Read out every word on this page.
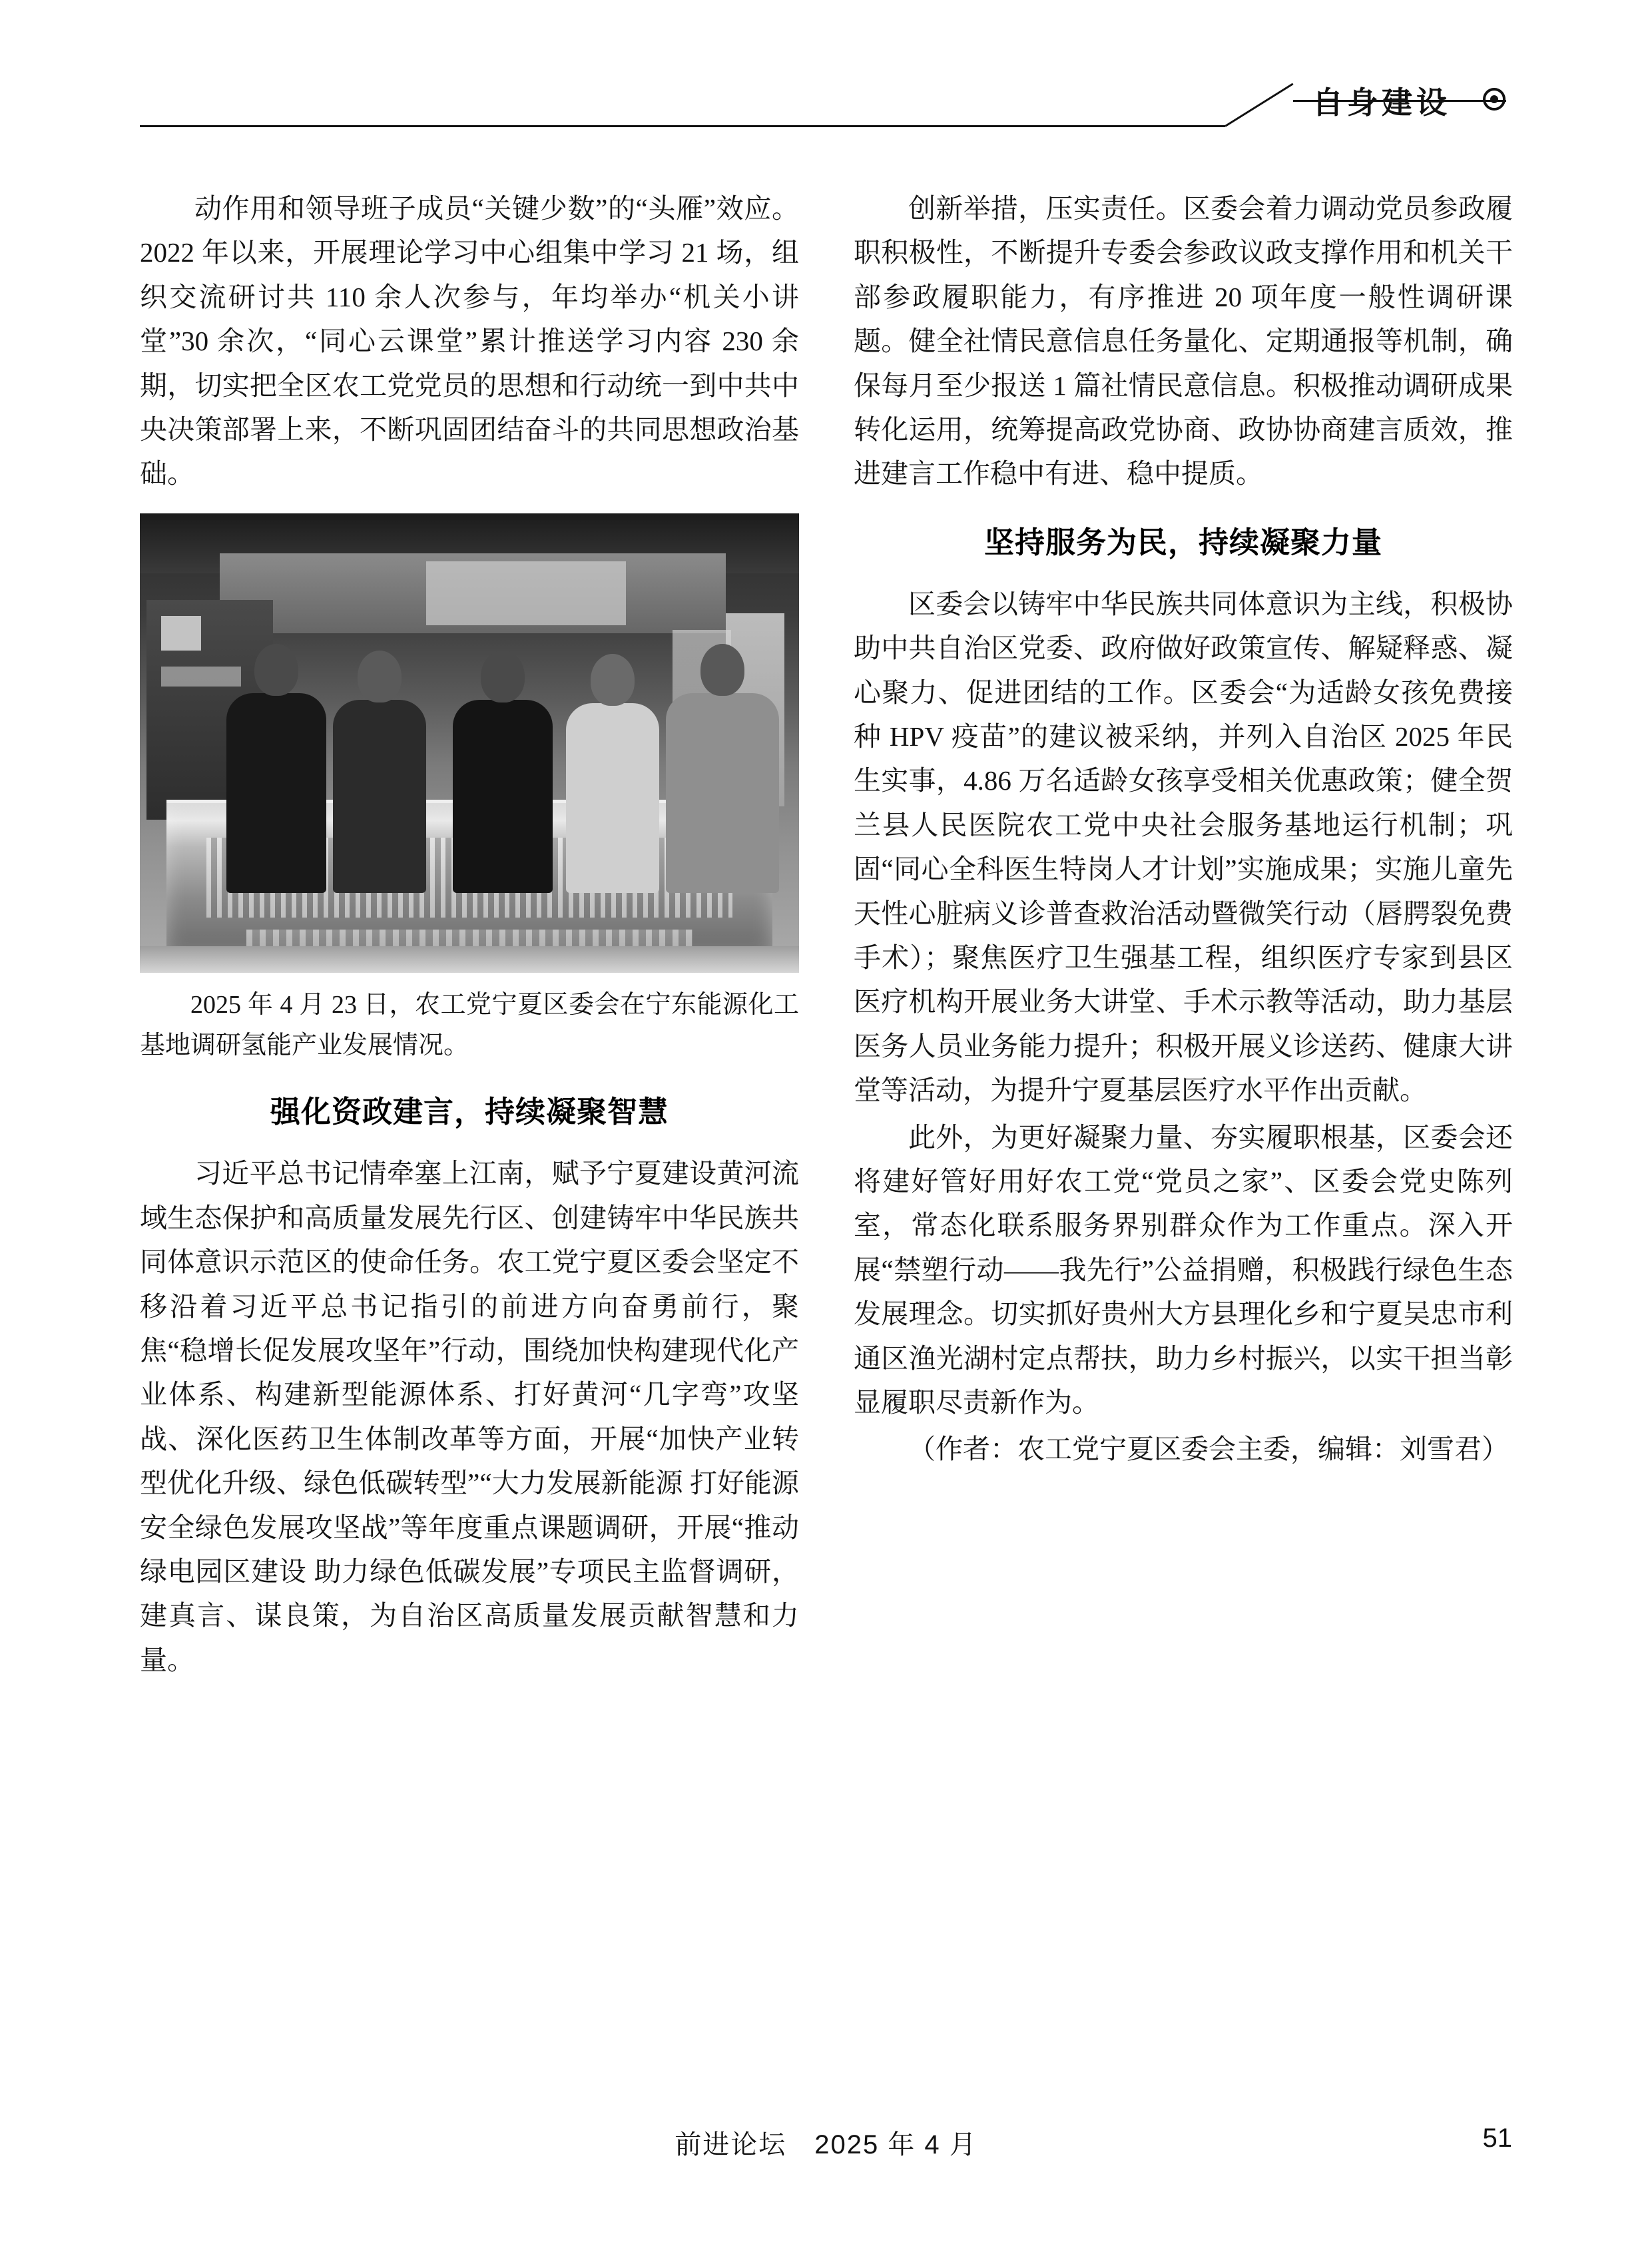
自身建设

动作用和领导班子成员“关键少数”的“头雁”效应。2022 年以来，开展理论学习中心组集中学习 21 场，组织交流研讨共 110 余人次参与，年均举办“机关小讲堂”30 余次，“同心云课堂”累计推送学习内容 230 余期，切实把全区农工党党员的思想和行动统一到中共中央决策部署上来，不断巩固团结奋斗的共同思想政治基础。

2025 年 4 月 23 日，农工党宁夏区委会在宁东能源化工基地调研氢能产业发展情况。
强化资政建言，持续凝聚智慧

习近平总书记情牵塞上江南，赋予宁夏建设黄河流域生态保护和高质量发展先行区、创建铸牢中华民族共同体意识示范区的使命任务。农工党宁夏区委会坚定不移沿着习近平总书记指引的前进方向奋勇前行，聚焦“稳增长促发展攻坚年”行动，围绕加快构建现代化产业体系、构建新型能源体系、打好黄河“几字弯”攻坚战、深化医药卫生体制改革等方面，开展“加快产业转型优化升级、绿色低碳转型”“大力发展新能源 打好能源安全绿色发展攻坚战”等年度重点课题调研，开展“推动绿电园区建设 助力绿色低碳发展”专项民主监督调研，建真言、谋良策，为自治区高质量发展贡献智慧和力量。

创新举措，压实责任。区委会着力调动党员参政履职积极性，不断提升专委会参政议政支撑作用和机关干部参政履职能力，有序推进 20 项年度一般性调研课题。健全社情民意信息任务量化、定期通报等机制，确保每月至少报送 1 篇社情民意信息。积极推动调研成果转化运用，统筹提高政党协商、政协协商建言质效，推进建言工作稳中有进、稳中提质。

坚持服务为民，持续凝聚力量

区委会以铸牢中华民族共同体意识为主线，积极协助中共自治区党委、政府做好政策宣传、解疑释惑、凝心聚力、促进团结的工作。区委会“为适龄女孩免费接种 HPV 疫苗”的建议被采纳，并列入自治区 2025 年民生实事，4.86 万名适龄女孩享受相关优惠政策；健全贺兰县人民医院农工党中央社会服务基地运行机制；巩固“同心全科医生特岗人才计划”实施成果；实施儿童先天性心脏病义诊普查救治活动暨微笑行动（唇腭裂免费手术）；聚焦医疗卫生强基工程，组织医疗专家到县区医疗机构开展业务大讲堂、手术示教等活动，助力基层医务人员业务能力提升；积极开展义诊送药、健康大讲堂等活动，为提升宁夏基层医疗水平作出贡献。

此外，为更好凝聚力量、夯实履职根基，区委会还将建好管好用好农工党“党员之家”、区委会党史陈列室，常态化联系服务界别群众作为工作重点。深入开展“禁塑行动——我先行”公益捐赠，积极践行绿色生态发展理念。切实抓好贵州大方县理化乡和宁夏吴忠市利通区渔光湖村定点帮扶，助力乡村振兴，以实干担当彰显履职尽责新作为。

（作者：农工党宁夏区委会主委，编辑：刘雪君）

前进论坛　2025 年 4 月	51
